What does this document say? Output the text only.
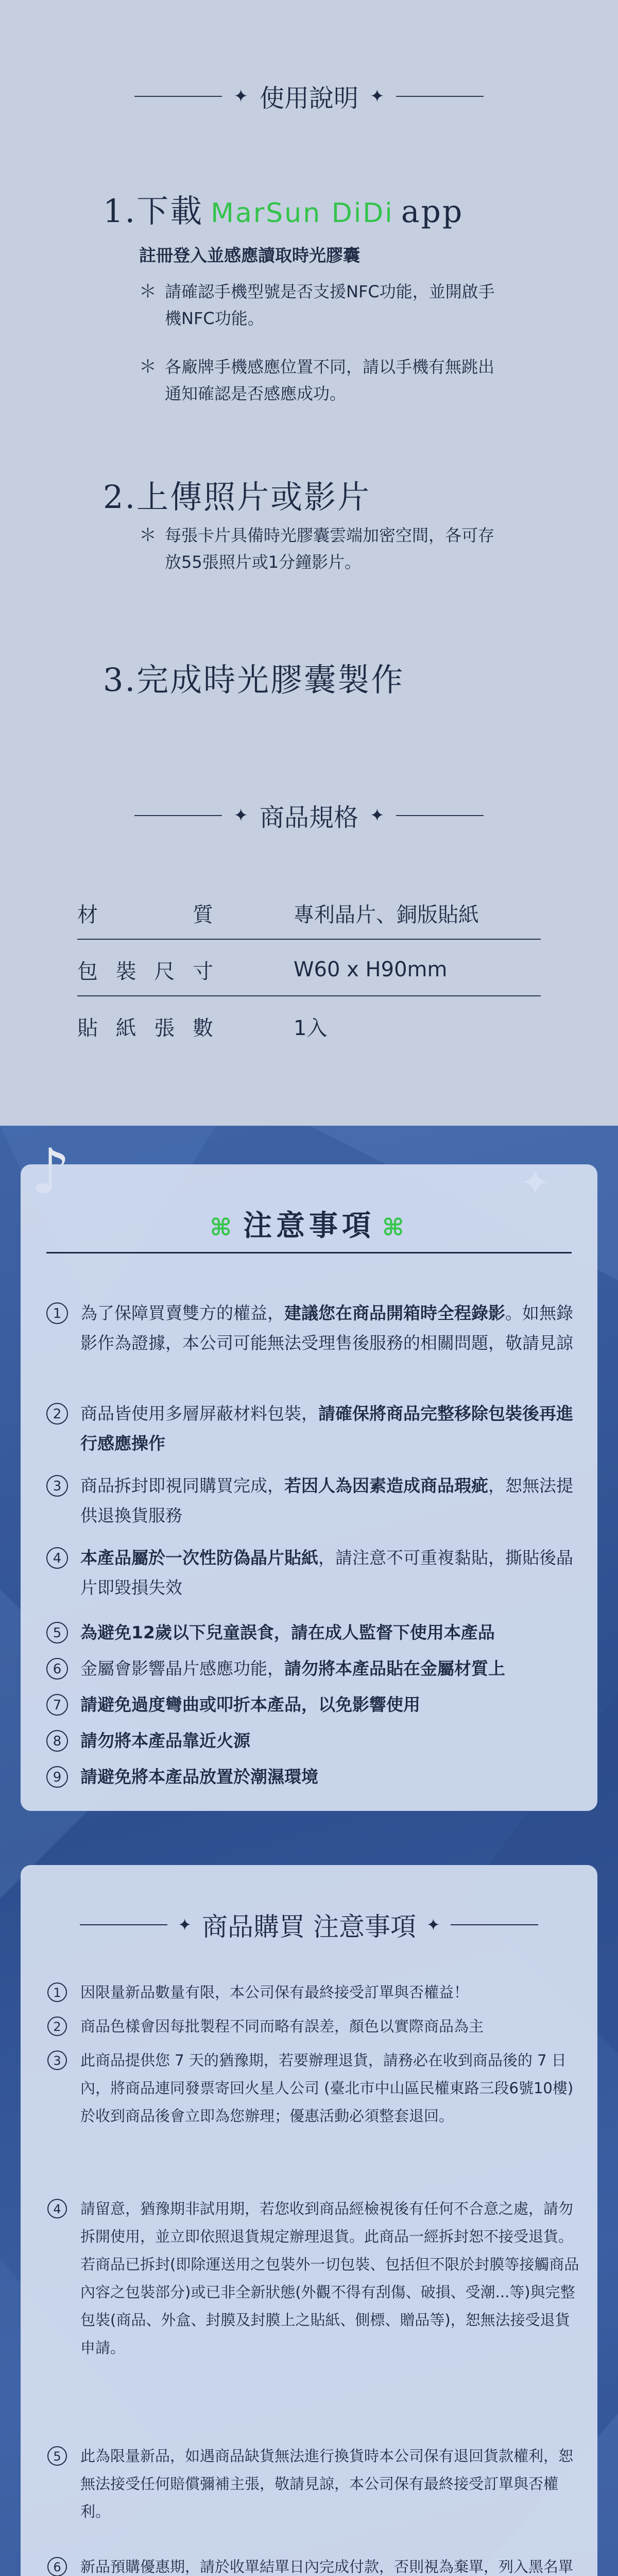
✦ 使用說明 ✦
1.下載 MarSun DiDi app
註冊登入並感應讀取時光膠囊
＊ 請確認手機型號是否支援NFC功能，並開啟手機NFC功能。
＊ 各廠牌手機感應位置不同，請以手機有無跳出通知確認是否感應成功。
2.上傳照片或影片
＊ 每張卡片具備時光膠囊雲端加密空間，各可存放55張照片或1分鐘影片。
3.完成時光膠囊製作
✦ 商品規格 ✦
材	質	專利晶片、銅版貼紙
包 裝 尺 寸	W60 x H90mm
貼 紙 張 數	1入
⌘ 注意事項 ⌘
1	為了保障買賣雙方的權益，建議您在商品開箱時全程錄影。如無錄影作為證據，本公司可能無法受理售後服務的相關問題，敬請見諒
2	商品皆使用多層屏蔽材料包裝，請確保將商品完整移除包裝後再進行感應操作
3	商品拆封即視同購買完成，若因人為因素造成商品瑕疵，恕無法提供退換貨服務
4	本產品屬於一次性防偽晶片貼紙，請注意不可重複黏貼，撕貼後晶片即毀損失效
5	為避免12歲以下兒童誤食，請在成人監督下使用本產品
6	金屬會影響晶片感應功能，請勿將本產品貼在金屬材質上
7	請避免過度彎曲或叩折本產品，以免影響使用
8	請勿將本產品靠近火源
9	請避免將本產品放置於潮濕環境
✦ 商品購買 注意事項 ✦
1	因限量新品數量有限，本公司保有最終接受訂單與否權益！
2	商品色樣會因每批製程不同而略有誤差，顏色以實際商品為主
3	此商品提供您 7 天的猶豫期，若要辦理退貨，請務必在收到商品後的 7 日內，將商品連同發票寄回火星人公司 (臺北市中山區民權東路三段6號10樓) 於收到商品後會立即為您辦理；優惠活動必須整套退回。
4	請留意，猶豫期非試用期，若您收到商品經檢視後有任何不合意之處，請勿拆開使用，並立即依照退貨規定辦理退貨。此商品一經拆封恕不接受退貨。若商品已拆封(即除運送用之包裝外一切包裝、包括但不限於封膜等接觸商品內容之包裝部分)或已非全新狀態(外觀不得有刮傷、破損、受潮...等)與完整包裝(商品、外盒、封膜及封膜上之貼紙、側標、贈品等)，恕無法接受退貨申請。
5	此為限量新品，如遇商品缺貨無法進行換貨時本公司保有退回貨款權利，恕無法接受任何賠償彌補主張，敬請見諒，本公司保有最終接受訂單與否權利。
6	新品預購優惠期，請於收單結單日內完成付款，否則視為棄單，列入黑名單
